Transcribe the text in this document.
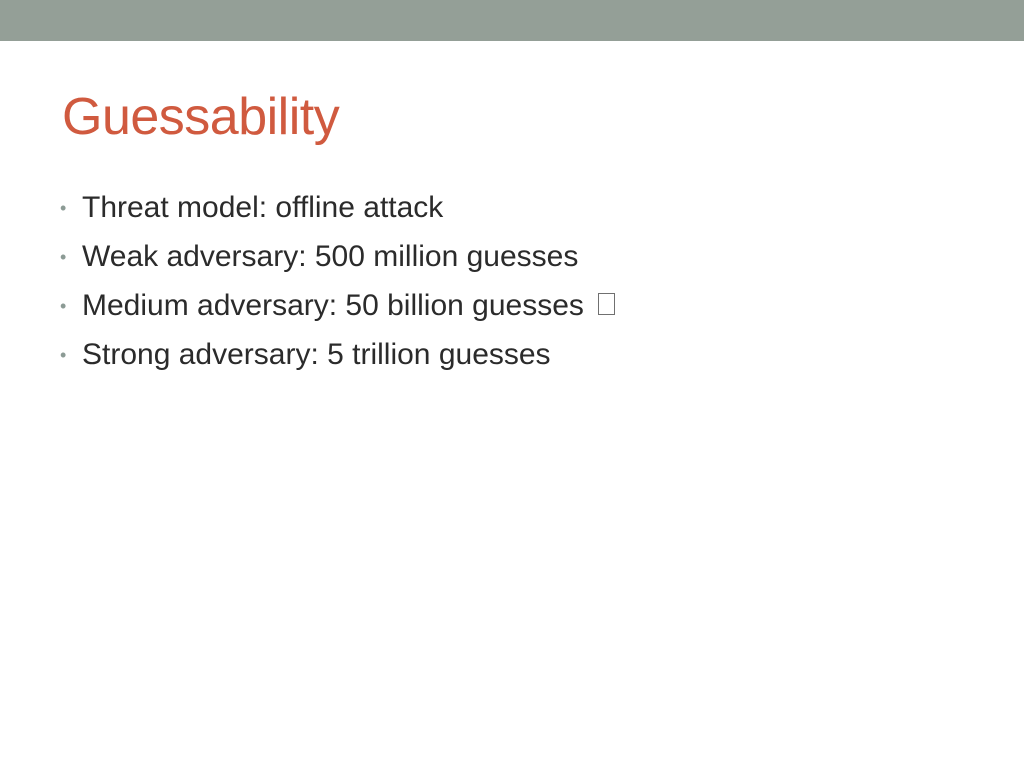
Guessability
• Threat model: offline attack
• Weak adversary: 500 million guesses
• Medium adversary: 50 billion guesses
• Strong adversary: 5 trillion guesses
